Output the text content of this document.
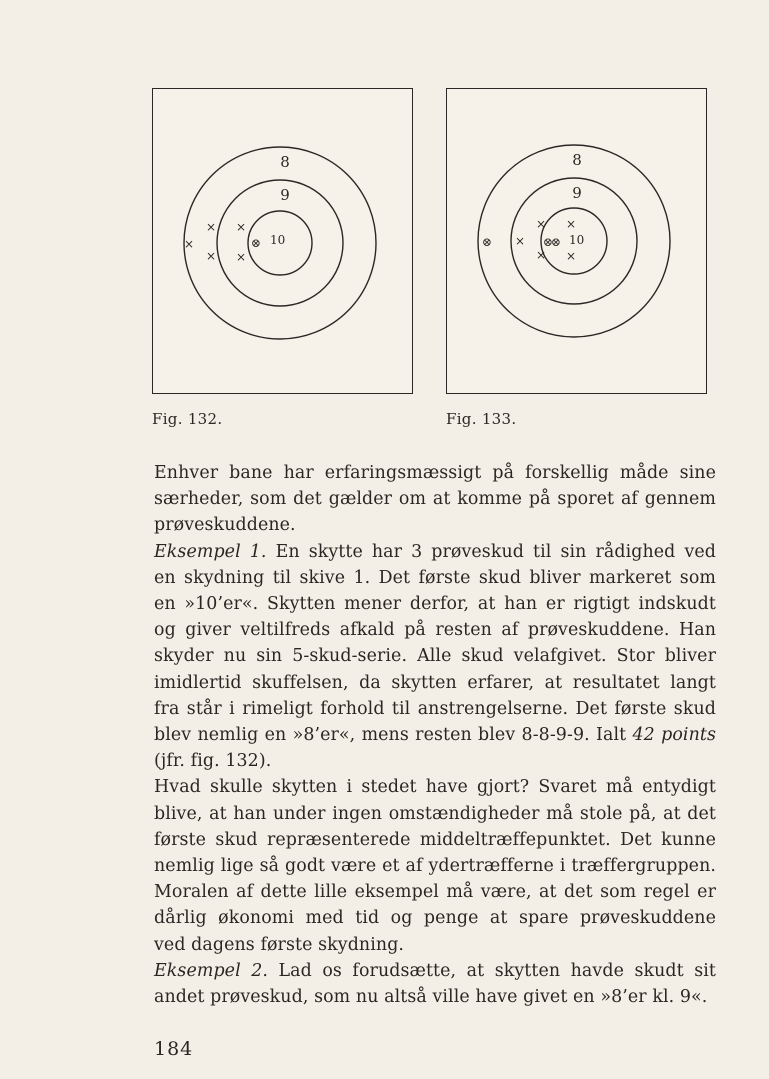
8
9
10
⊗
× ×
×
× ×
Fig. 132.
8
9
10
⊗	⊗
⊗
× ×
×
× ×
Fig. 133.
Enhver bane har erfaringsmæssigt på forskellig måde sine
særheder, som det gælder om at komme på sporet af gennem
prøveskuddene.
Eksempel 1. En skytte har 3 prøveskud til sin rådighed ved
en skydning til skive 1. Det første skud bliver markeret som
en »10’er«. Skytten mener derfor, at han er rigtigt indskudt
og giver veltilfreds afkald på resten af prøveskuddene. Han
skyder nu sin 5-skud-serie. Alle skud velafgivet. Stor bliver
imidlertid skuffelsen, da skytten erfarer, at resultatet langt
fra står i rimeligt forhold til anstrengelserne. Det første skud
blev nemlig en »8’er«, mens resten blev 8-8-9-9. Ialt 42 points
(jfr. fig. 132).
Hvad skulle skytten i stedet have gjort? Svaret må entydigt
blive, at han under ingen omstændigheder må stole på, at det
første skud repræsenterede middeltræffepunktet. Det kunne
nemlig lige så godt være et af ydertræfferne i træffergruppen.
Moralen af dette lille eksempel må være, at det som regel er
dårlig økonomi med tid og penge at spare prøveskuddene
ved dagens første skydning.
Eksempel 2. Lad os forudsætte, at skytten havde skudt sit
andet prøveskud, som nu altså ville have givet en »8’er kl. 9«.
184
